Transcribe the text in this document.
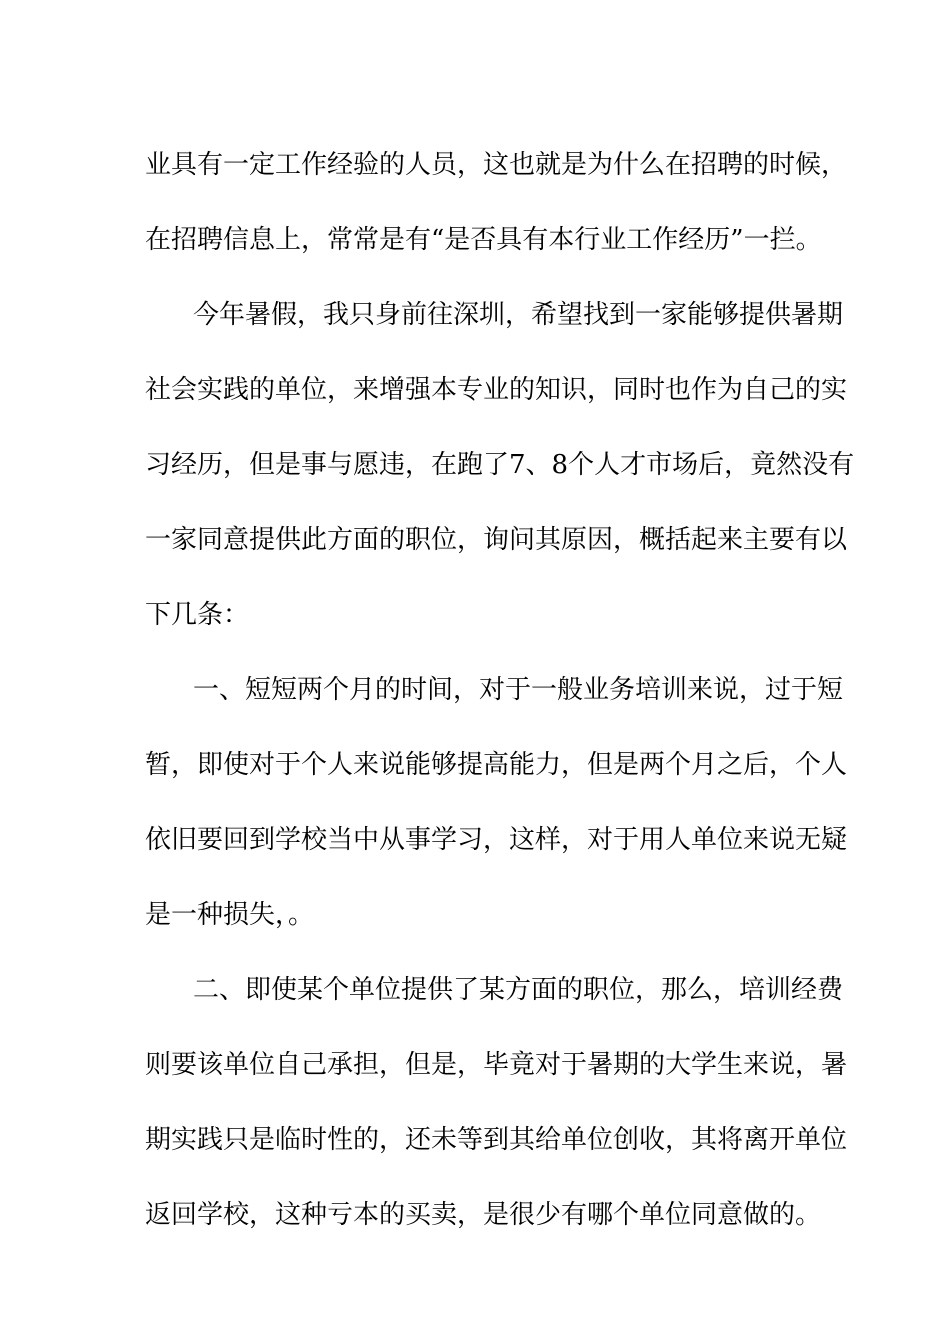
业具有一定工作经验的人员，这也就是为什么在招聘的时候，

在招聘信息上，常常是有“是否具有本行业工作经历”一拦。

今年暑假，我只身前往深圳，希望找到一家能够提供暑期

社会实践的单位，来增强本专业的知识，同时也作为自己的实

习经历，但是事与愿违，在跑了7、8个人才市场后，竟然没有

一家同意提供此方面的职位，询问其原因，概括起来主要有以

下几条：

一、短短两个月的时间，对于一般业务培训来说，过于短

暂，即使对于个人来说能够提高能力，但是两个月之后，个人

依旧要回到学校当中从事学习，这样，对于用人单位来说无疑

是一种损失，。

二、即使某个单位提供了某方面的职位，那么，培训经费

则要该单位自己承担，但是，毕竟对于暑期的大学生来说，暑

期实践只是临时性的，还未等到其给单位创收，其将离开单位

返回学校，这种亏本的买卖，是很少有哪个单位同意做的。
